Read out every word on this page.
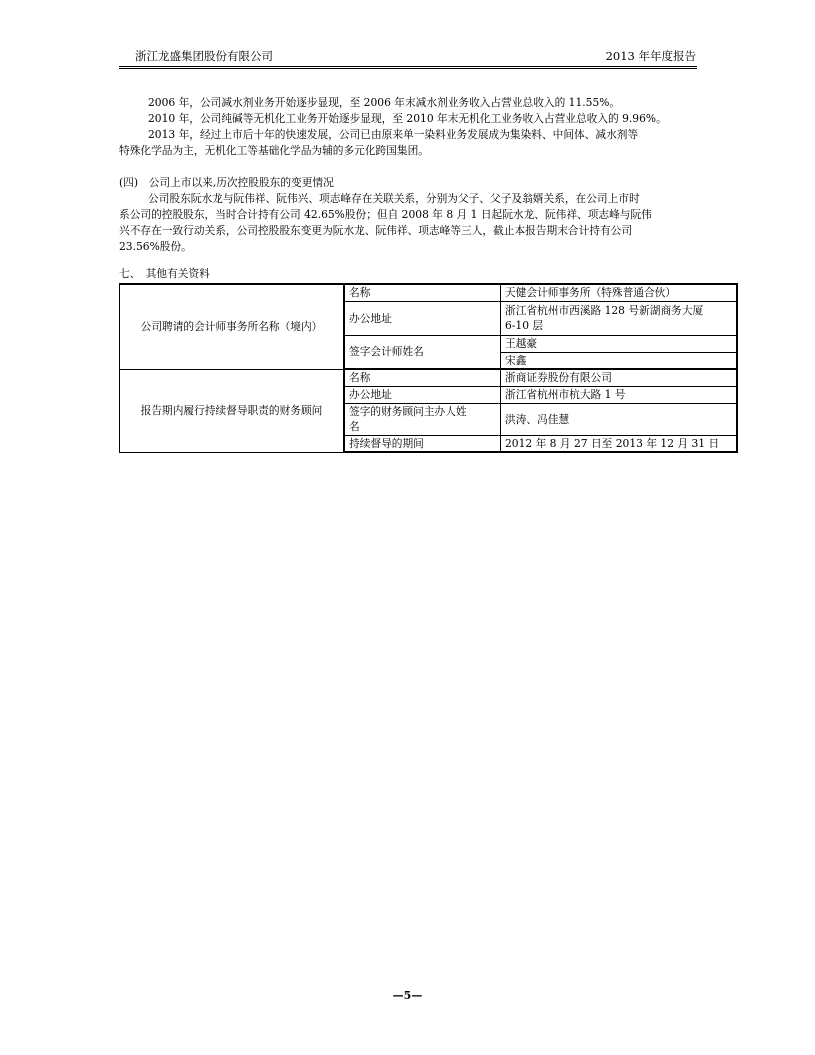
浙江龙盛集团股份有限公司	2013 年年度报告
2006 年，公司减水剂业务开始逐步显现，至 2006 年末减水剂业务收入占营业总收入的 11.55%。
2010 年，公司纯碱等无机化工业务开始逐步显现，至 2010 年末无机化工业务收入占营业总收入的 9.96%。
2013 年，经过上市后十年的快速发展，公司已由原来单一染料业务发展成为集染料、中间体、减水剂等
特殊化学品为主，无机化工等基础化学品为辅的多元化跨国集团。
(四)　公司上市以来,历次控股股东的变更情况
公司股东阮水龙与阮伟祥、阮伟兴、项志峰存在关联关系，分别为父子、父子及翁婿关系，在公司上市时
系公司的控股股东，当时合计持有公司 42.65%股份；但自 2008 年 8 月 1 日起阮水龙、阮伟祥、项志峰与阮伟
兴不存在一致行动关系，公司控股股东变更为阮水龙、阮伟祥、项志峰等三人，截止本报告期末合计持有公司
23.56%股份。
七、　其他有关资料
公司聘请的会计师事务所名称（境内）	名称	天健会计师事务所（特殊普通合伙）
	办公地址	浙江省杭州市西溪路 128 号新湖商务大厦
6-10 层

	签字会计师姓名	王越豪
		宋鑫
报告期内履行持续督导职责的财务顾问	名称	浙商证券股份有限公司
	办公地址	浙江省杭州市杭大路 1 号

	签字的财务顾问主办人姓
名	洪涛、冯佳慧
	持续督导的期间	2012 年 8 月 27 日至 2013 年 12 月 31 日
—5—
